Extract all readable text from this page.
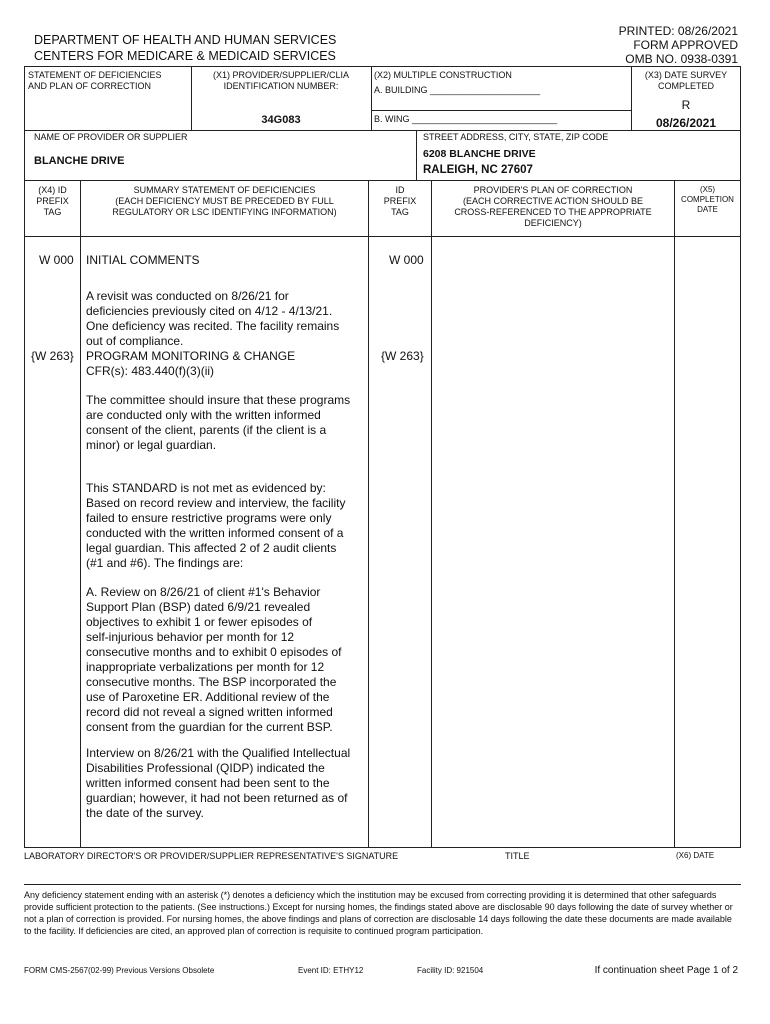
PRINTED: 08/26/2021
FORM APPROVED
OMB NO. 0938-0391
DEPARTMENT OF HEALTH AND HUMAN SERVICES
CENTERS FOR MEDICARE & MEDICAID SERVICES
STATEMENT OF DEFICIENCIES
AND PLAN OF CORRECTION
(X1) PROVIDER/SUPPLIER/CLIA
IDENTIFICATION NUMBER:
34G083
(X2) MULTIPLE CONSTRUCTION
A. BUILDING ______________________
B. WING _____________________________
(X3) DATE SURVEY
COMPLETED
R
08/26/2021
NAME OF PROVIDER OR SUPPLIER
BLANCHE DRIVE
STREET ADDRESS, CITY, STATE, ZIP CODE
6208 BLANCHE DRIVE
RALEIGH, NC 27607
(X4) ID
PREFIX
TAG
SUMMARY STATEMENT OF DEFICIENCIES
(EACH DEFICIENCY MUST BE PRECEDED BY FULL
REGULATORY OR LSC IDENTIFYING INFORMATION)
ID
PREFIX
TAG
PROVIDER'S PLAN OF CORRECTION
(EACH CORRECTIVE ACTION SHOULD BE
CROSS-REFERENCED TO THE APPROPRIATE
DEFICIENCY)
(X5)
COMPLETION
DATE
W 000	W 000
INITIAL COMMENTS
A revisit was conducted on 8/26/21 for
deficiencies previously cited on 4/12 - 4/13/21.
One deficiency was recited. The facility remains
out of compliance.
{W 263}	{W 263}
PROGRAM MONITORING & CHANGE
CFR(s): 483.440(f)(3)(ii)
The committee should insure that these programs
are conducted only with the written informed
consent of the client, parents (if the client is a
minor) or legal guardian.
This STANDARD is not met as evidenced by:
Based on record review and interview, the facility
failed to ensure restrictive programs were only
conducted with the written informed consent of a
legal guardian. This affected 2 of 2 audit clients
(#1 and #6). The findings are:
A. Review on 8/26/21 of client #1's Behavior
Support Plan (BSP) dated 6/9/21 revealed
objectives to exhibit 1 or fewer episodes of
self-injurious behavior per month for 12
consecutive months and to exhibit 0 episodes of
inappropriate verbalizations per month for 12
consecutive months. The BSP incorporated the
use of Paroxetine ER. Additional review of the
record did not reveal a signed written informed
consent from the guardian for the current BSP.
Interview on 8/26/21 with the Qualified Intellectual
Disabilities Professional (QIDP) indicated the
written informed consent had been sent to the
guardian; however, it had not been returned as of
the date of the survey.
LABORATORY DIRECTOR'S OR PROVIDER/SUPPLIER REPRESENTATIVE'S SIGNATURE	TITLE	(X6) DATE
Any deficiency statement ending with an asterisk (*) denotes a deficiency which the institution may be excused from correcting providing it is determined that other safeguards provide sufficient protection to the patients. (See instructions.) Except for nursing homes, the findings stated above are disclosable 90 days following the date of survey whether or not a plan of correction is provided. For nursing homes, the above findings and plans of correction are disclosable 14 days following the date these documents are made available to the facility. If deficiencies are cited, an approved plan of correction is requisite to continued program participation.
FORM CMS-2567(02-99) Previous Versions Obsolete	Event ID: ETHY12	Facility ID: 921504	If continuation sheet Page 1 of 2
